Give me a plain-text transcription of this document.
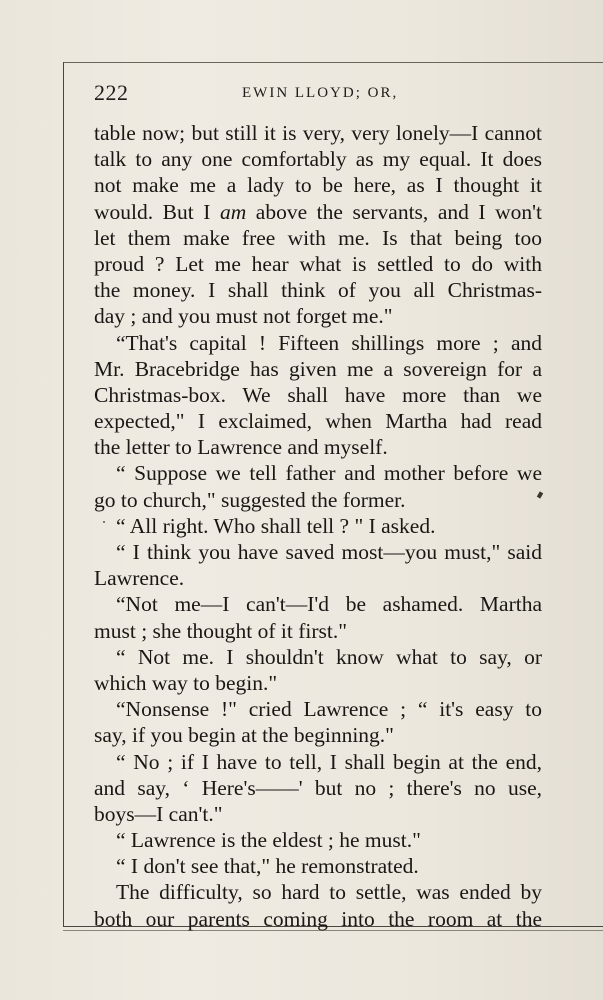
222	EWIN LLOYD; OR,
table now; but still it is very, very lonely—I cannot
talk to any one comfortably as my equal. It does
not make me a lady to be here, as I thought it
would. But I am above the servants, and I won't
let them make free with me. Is that being too
proud ? Let me hear what is settled to do with
the money. I shall think of you all Christmas-
day ; and you must not forget me."
“That's capital ! Fifteen shillings more ; and
Mr. Bracebridge has given me a sovereign for a
Christmas-box. We shall have more than we
expected," I exclaimed, when Martha had read
the letter to Lawrence and myself.
“ Suppose we tell father and mother before we
go to church," suggested the former.
“ All right. Who shall tell ? " I asked.
“ I think you have saved most—you must," said
Lawrence.
“Not me—I can't—I'd be ashamed. Martha
must ; she thought of it first."
“ Not me. I shouldn't know what to say, or
which way to begin."
“Nonsense !" cried Lawrence ; “ it's easy to
say, if you begin at the beginning."
“ No ; if I have to tell, I shall begin at the end,
and say, ‘ Here's——' but no ; there's no use,
boys—I can't."
“ Lawrence is the eldest ; he must."
“ I don't see that," he remonstrated.
The difficulty, so hard to settle, was ended by
both our parents coming into the room at the
